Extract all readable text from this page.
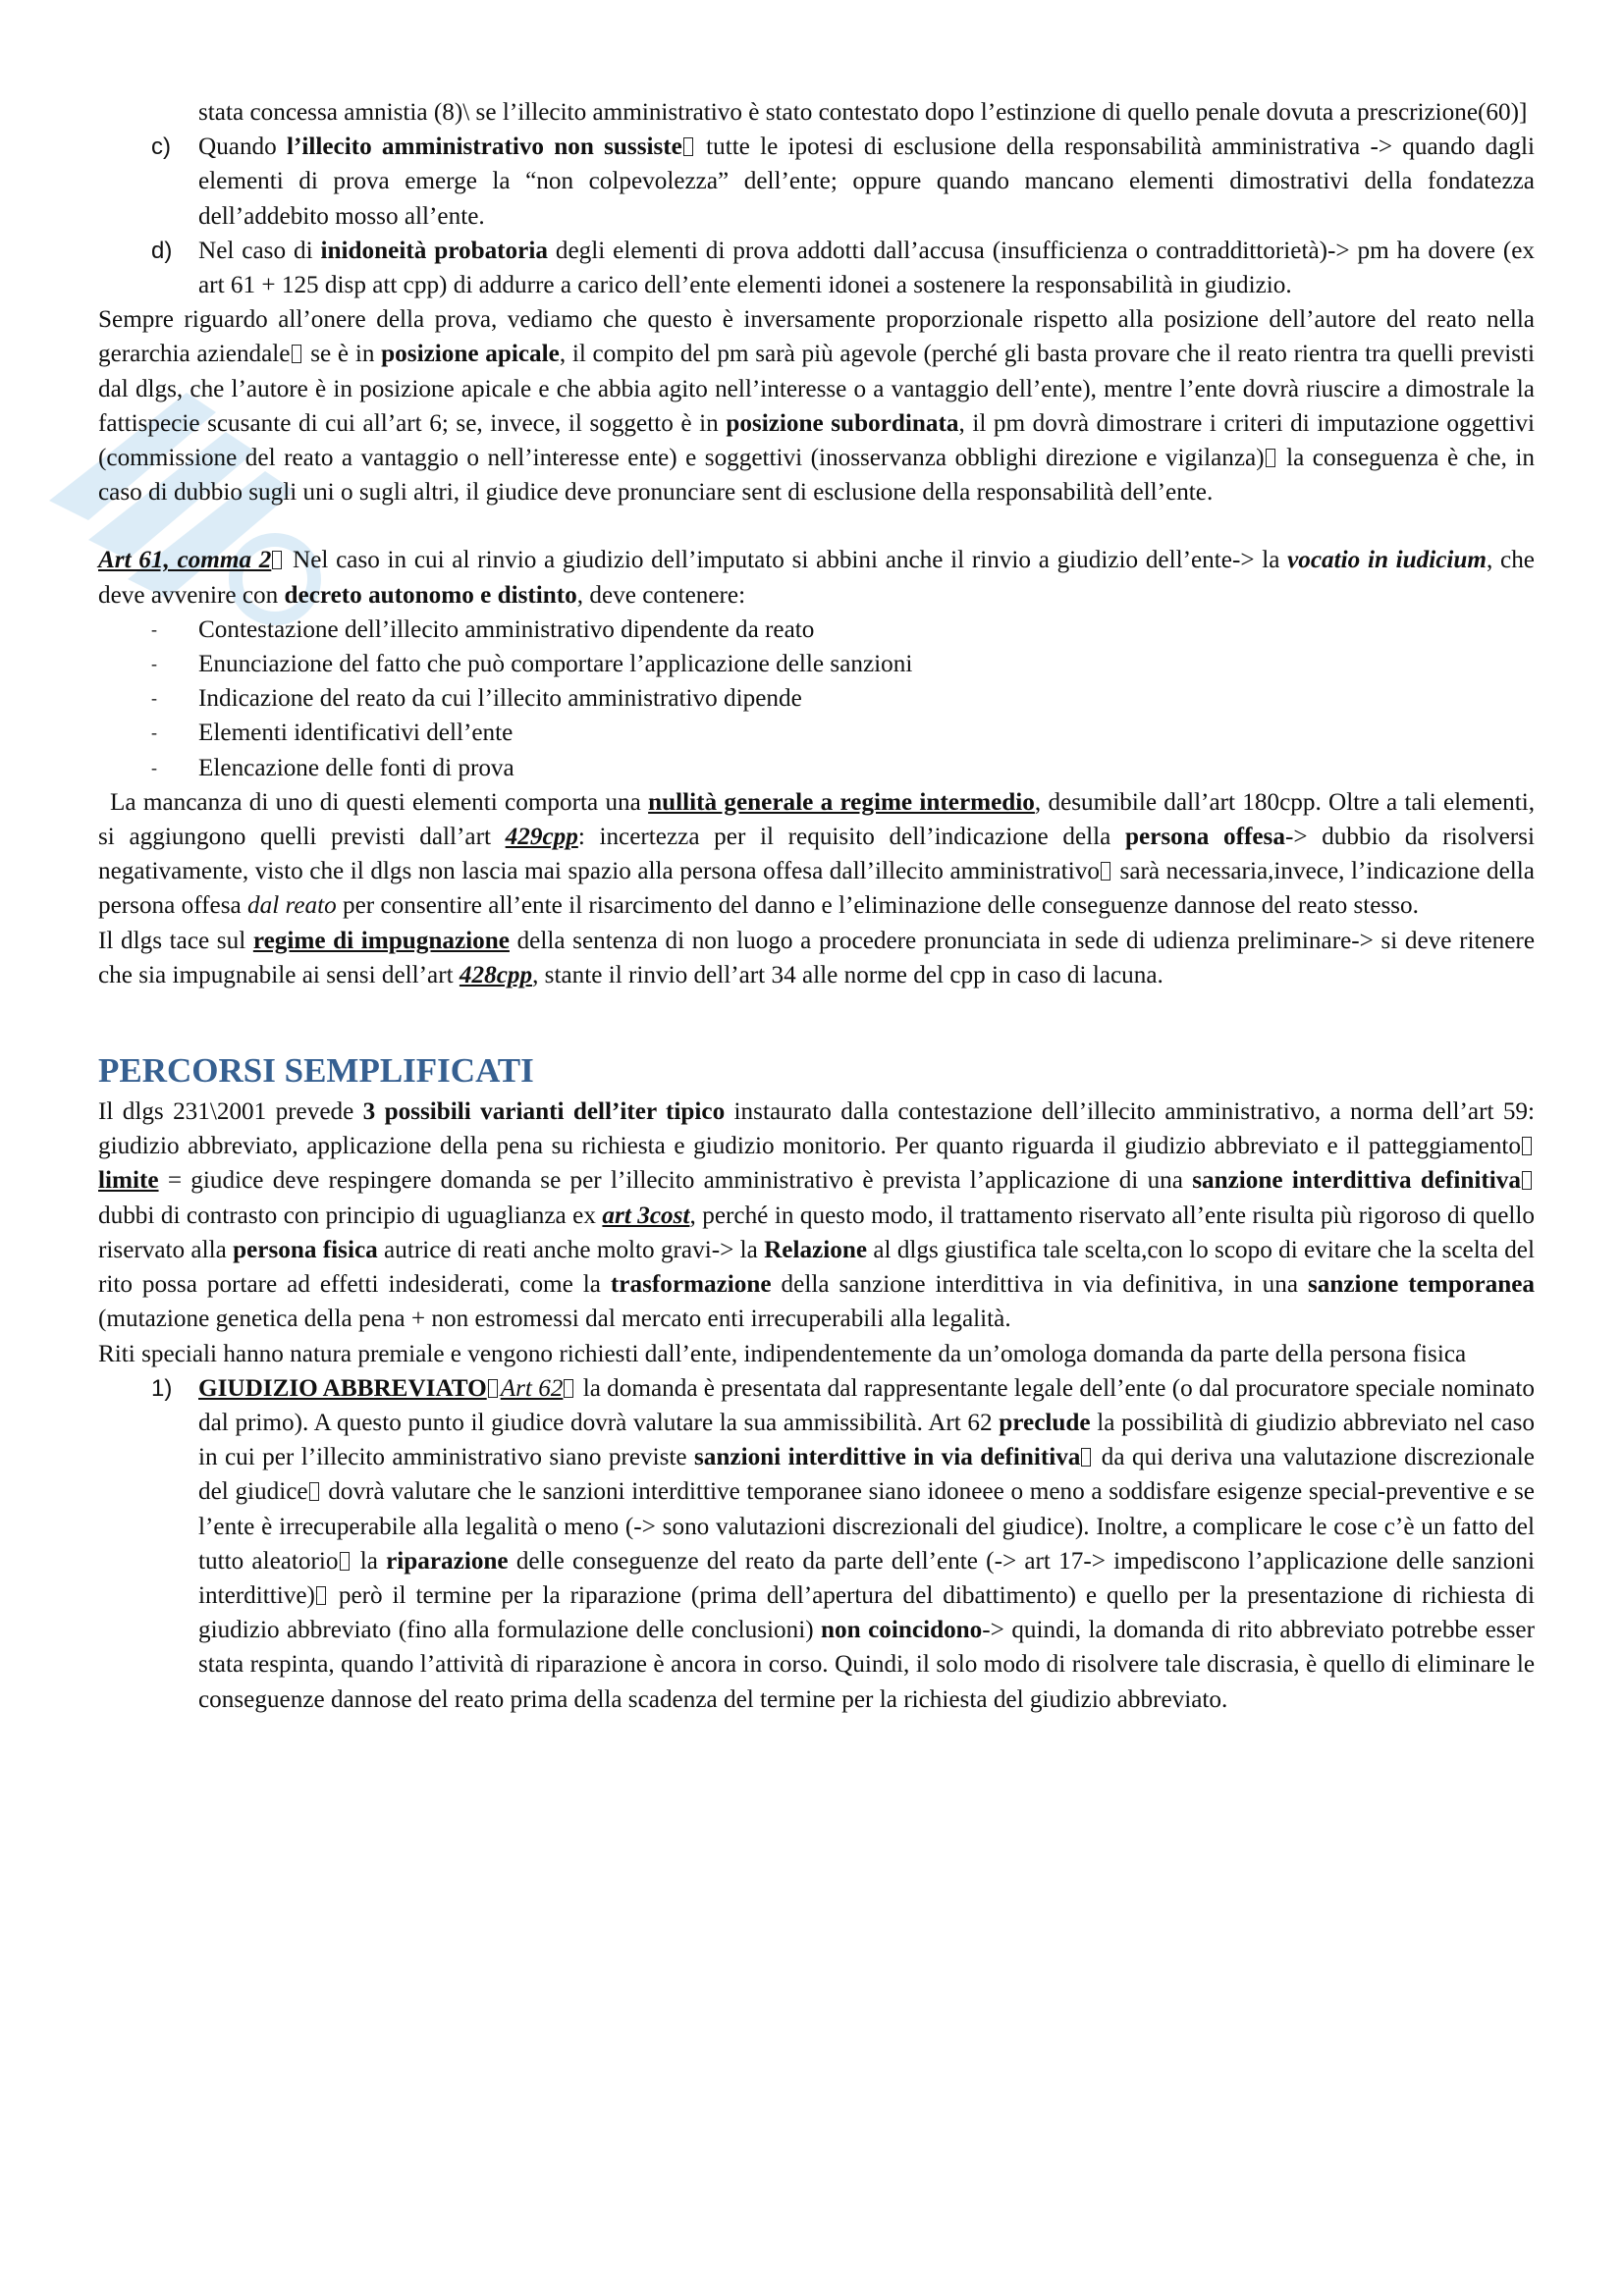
stata concessa amnistia (8)\ se l’illecito amministrativo è stato contestato dopo l’estinzione di quello penale dovuta a prescrizione(60)]

c) Quando l’illecito amministrativo non sussiste tutte le ipotesi di esclusione della responsabilità amministrativa -> quando dagli elementi di prova emerge la “non colpevolezza” dell’ente; oppure quando mancano elementi dimostrativi della fondatezza dell’addebito mosso all’ente.
d) Nel caso di inidoneità probatoria degli elementi di prova addotti dall’accusa (insufficienza o contraddittorietà)-> pm ha dovere (ex art 61 + 125 disp att cpp) di addurre a carico dell’ente elementi idonei a sostenere la responsabilità in giudizio.

Sempre riguardo all’onere della prova, vediamo che questo è inversamente proporzionale rispetto alla posizione dell’autore del reato nella gerarchia aziendale se è in posizione apicale, il compito del pm sarà più agevole (perché gli basta provare che il reato rientra tra quelli previsti dal dlgs, che l’autore è in posizione apicale e che abbia agito nell’interesse o a vantaggio dell’ente), mentre l’ente dovrà riuscire a dimostrale la fattispecie scusante di cui all’art 6; se, invece, il soggetto è in posizione subordinata, il pm dovrà dimostrare i criteri di imputazione oggettivi (commissione del reato a vantaggio o nell’interesse ente) e soggettivi (inosservanza obblighi direzione e vigilanza) la conseguenza è che, in caso di dubbio sugli uni o sugli altri, il giudice deve pronunciare sent di esclusione della responsabilità dell’ente.

Art 61, comma 2 Nel caso in cui al rinvio a giudizio dell’imputato si abbini anche il rinvio a giudizio dell’ente-> la vocatio in iudicium, che deve avvenire con decreto autonomo e distinto, deve contenere:

- Contestazione dell’illecito amministrativo dipendente da reato
- Enunciazione del fatto che può comportare l’applicazione delle sanzioni
- Indicazione del reato da cui l’illecito amministrativo dipende
- Elementi identificativi dell’ente
- Elencazione delle fonti di prova

La mancanza di uno di questi elementi comporta una nullità generale a regime intermedio, desumibile dall’art 180cpp. Oltre a tali elementi, si aggiungono quelli previsti dall’art 429cpp: incertezza per il requisito dell’indicazione della persona offesa-> dubbio da risolversi negativamente, visto che il dlgs non lascia mai spazio alla persona offesa dall’illecito amministrativo sarà necessaria,invece, l’indicazione della persona offesa dal reato per consentire all’ente il risarcimento del danno e l’eliminazione delle conseguenze dannose del reato stesso.

Il dlgs tace sul regime di impugnazione della sentenza di non luogo a procedere pronunciata in sede di udienza preliminare-> si deve ritenere che sia impugnabile ai sensi dell’art 428cpp, stante il rinvio dell’art 34 alle norme del cpp in caso di lacuna.

PERCORSI SEMPLIFICATI

Il dlgs 231\2001 prevede 3 possibili varianti dell’iter tipico instaurato dalla contestazione dell’illecito amministrativo, a norma dell’art 59: giudizio abbreviato, applicazione della pena su richiesta e giudizio monitorio. Per quanto riguarda il giudizio abbreviato e il patteggiamentolimite = giudice deve respingere domanda se per l’illecito amministrativo è prevista l’applicazione di una sanzione interdittiva definitiva dubbi di contrasto con principio di uguaglianza ex art 3cost, perché in questo modo, il trattamento riservato all’ente risulta più rigoroso di quello riservato alla persona fisica autrice di reati anche molto gravi-> la Relazione al dlgs giustifica tale scelta,con lo scopo di evitare che la scelta del rito possa portare ad effetti indesiderati, come la trasformazione della sanzione interdittiva in via definitiva, in una sanzione temporanea (mutazione genetica della pena + non estromessi dal mercato enti irrecuperabili alla legalità.

Riti speciali hanno natura premiale e vengono richiesti dall’ente, indipendentemente da un’omologa domanda da parte della persona fisica

1) GIUDIZIO ABBREVIATO Art 62 la domanda è presentata dal rappresentante legale dell’ente (o dal procuratore speciale nominato dal primo). A questo punto il giudice dovrà valutare la sua ammissibilità. Art 62 preclude la possibilità di giudizio abbreviato nel caso in cui per l’illecito amministrativo siano previste sanzioni interdittive in via definitiva da qui deriva una valutazione discrezionale del giudice dovrà valutare che le sanzioni interdittive temporanee siano idoneee o meno a soddisfare esigenze special-preventive e se l’ente è irrecuperabile alla legalità o meno (-> sono valutazioni discrezionali del giudice). Inoltre, a complicare le cose c’è un fatto del tutto aleatorio la riparazione delle conseguenze del reato da parte dell’ente (-> art 17-> impediscono l’applicazione delle sanzioni interdittive) però il termine per la riparazione (prima dell’apertura del dibattimento) e quello per la presentazione di richiesta di giudizio abbreviato (fino alla formulazione delle conclusioni) non coincidono-> quindi, la domanda di rito abbreviato potrebbe esser stata respinta, quando l’attività di riparazione è ancora in corso. Quindi, il solo modo di risolvere tale discrasia, è quello di eliminare le conseguenze dannose del reato prima della scadenza del termine per la richiesta del giudizio abbreviato.
